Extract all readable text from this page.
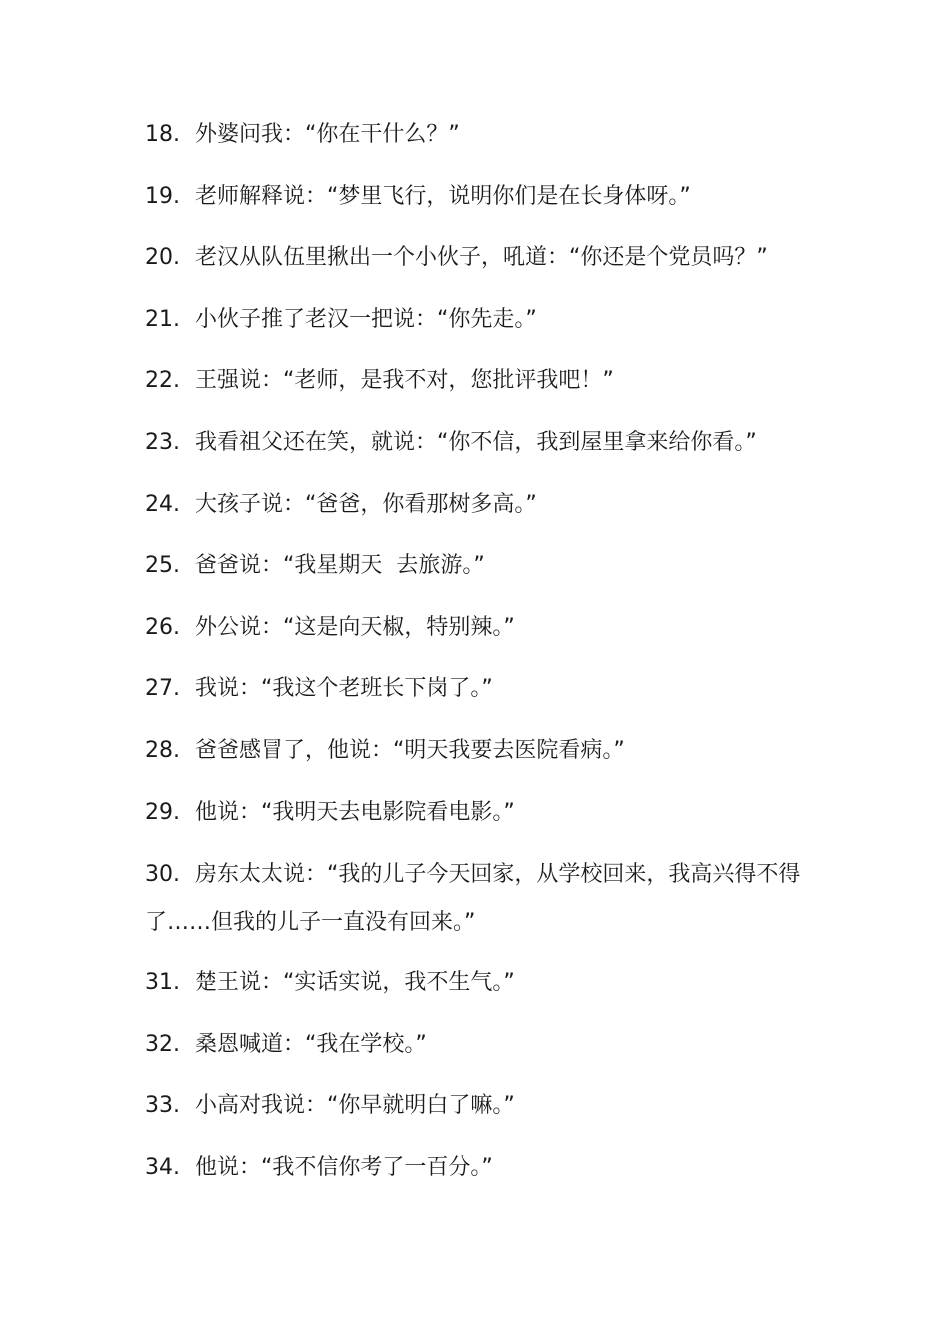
18. 外婆问我：“你在干什么？”
19. 老师解释说：“梦里飞行，说明你们是在长身体呀。”
20. 老汉从队伍里揪出一个小伙子，吼道：“你还是个党员吗？”
21. 小伙子推了老汉一把说：“你先走。”
22. 王强说：“老师，是我不对，您批评我吧！”
23. 我看祖父还在笑，就说：“你不信，我到屋里拿来给你看。”
24. 大孩子说：“爸爸，你看那树多高。”
25. 爸爸说：“我星期天  去旅游。”
26. 外公说：“这是向天椒，特别辣。”
27. 我说：“我这个老班长下岗了。”
28. 爸爸感冒了，他说：“明天我要去医院看病。”
29. 他说：“我明天去电影院看电影。”
30. 房东太太说：“我的儿子今天回家，从学校回来，我高兴得不得了……但我的儿子一直没有回来。”
31. 楚王说：“实话实说，我不生气。”
32. 桑恩喊道：“我在学校。”
33. 小高对我说：“你早就明白了嘛。”
34. 他说：“我不信你考了一百分。”
